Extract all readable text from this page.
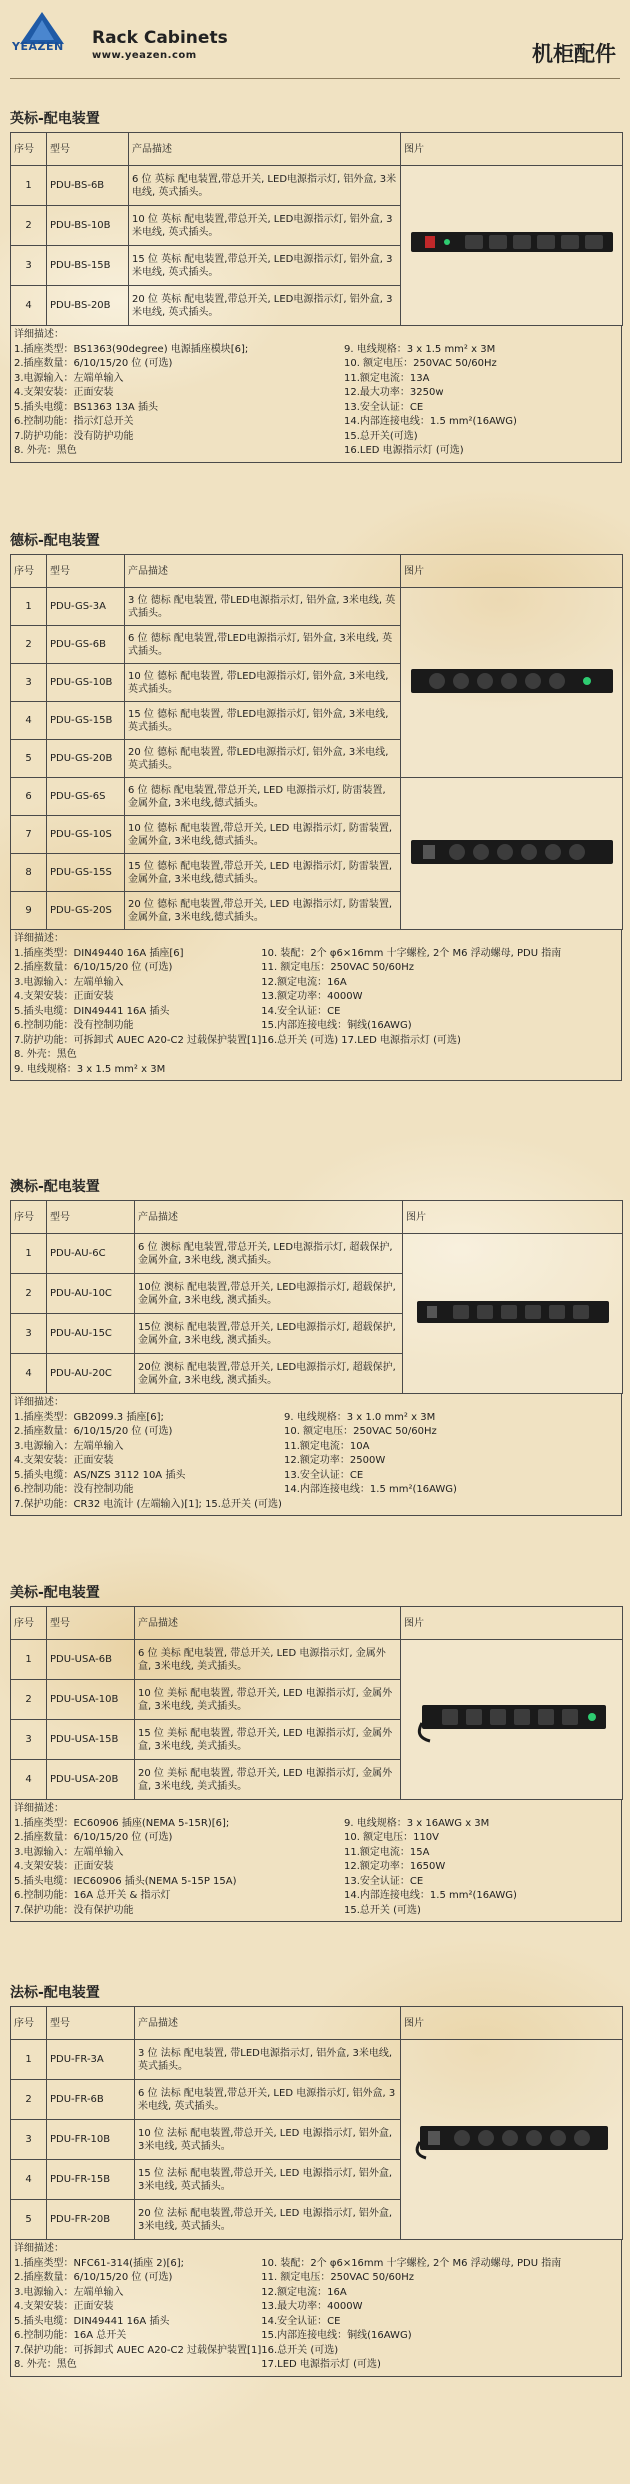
YEAZEN Rack Cabinets
www.yeazen.com	机柜配件
英标-配电装置
序号	型号	产品描述	图片
1	PDU-BS-6B	6 位 英标 配电装置,带总开关, LED电源指示灯, 铝外盒, 3米电线, 英式插头。	
2	PDU-BS-10B	10 位 英标 配电装置,带总开关, LED电源指示灯, 铝外盒, 3米电线, 英式插头。	
3	PDU-BS-15B	15 位 英标 配电装置,带总开关, LED电源指示灯, 铝外盒, 3米电线, 英式插头。	
4	PDU-BS-20B	20 位 英标 配电装置,带总开关, LED电源指示灯, 铝外盒, 3米电线, 英式插头。	
详细描述：
1.插座类型：BS1363(90degree) 电源插座模块[6];
2.插座数量：6/10/15/20 位 (可选)
3.电源输入：左端单输入
4.支架安装：正面安装
5.插头电缆：BS1363 13A 插头
6.控制功能：指示灯总开关
7.防护功能：没有防护功能
8. 外壳：黑色
9. 电线规格：3 x 1.5 mm² x 3M
10. 额定电压：250VAC 50/60Hz
11.额定电流：13A
12.最大功率：3250w
13.安全认证：CE
14.内部连接电线：1.5 mm²(16AWG)
15.总开关(可选)
16.LED 电源指示灯 (可选)
德标-配电装置
序号	型号	产品描述	图片
1	PDU-GS-3A	3 位 德标 配电装置, 带LED电源指示灯, 铝外盒, 3米电线, 英式插头。	
2	PDU-GS-6B	6 位 德标 配电装置,带LED电源指示灯, 铝外盒, 3米电线, 英式插头。	
3	PDU-GS-10B	10 位 德标 配电装置, 带LED电源指示灯, 铝外盒, 3米电线, 英式插头。	
4	PDU-GS-15B	15 位 德标 配电装置, 带LED电源指示灯, 铝外盒, 3米电线, 英式插头。	
5	PDU-GS-20B	20 位 德标 配电装置, 带LED电源指示灯, 铝外盒, 3米电线, 英式插头。	
6	PDU-GS-6S	6 位 德标 配电装置,带总开关, LED 电源指示灯, 防雷装置, 金属外盒, 3米电线,德式插头。	
7	PDU-GS-10S	10 位 德标 配电装置,带总开关, LED 电源指示灯, 防雷装置, 金属外盒, 3米电线,德式插头。	
8	PDU-GS-15S	15 位 德标 配电装置,带总开关, LED 电源指示灯, 防雷装置, 金属外盒, 3米电线,德式插头。	
9	PDU-GS-20S	20 位 德标 配电装置,带总开关, LED 电源指示灯, 防雷装置, 金属外盒, 3米电线,德式插头。	
详细描述：
1.插座类型：DIN49440 16A 插座[6]
2.插座数量：6/10/15/20 位 (可选)
3.电源输入：左端单输入
4.支架安装：正面安装
5.插头电缆：DIN49441 16A 插头
6.控制功能：没有控制功能
7.防护功能：可拆卸式 AUEC A20-C2 过载保护装置[1]
8. 外壳：黑色
9. 电线规格：3 x 1.5 mm² x 3M
10. 装配：2个 φ6×16mm 十字螺栓, 2个 M6 浮动螺母, PDU 指南
11. 额定电压：250VAC 50/60Hz
12.额定电流：16A
13.额定功率：4000W
14.安全认证：CE
15.内部连接电线：铜线(16AWG)
16.总开关 (可选) 17.LED 电源指示灯 (可选)
澳标-配电装置
序号	型号	产品描述	图片
1	PDU-AU-6C	6 位 澳标 配电装置,带总开关, LED电源指示灯, 超载保护, 金属外盒, 3米电线, 澳式插头。	
2	PDU-AU-10C	10位 澳标 配电装置,带总开关, LED电源指示灯, 超载保护, 金属外盒, 3米电线, 澳式插头。	
3	PDU-AU-15C	15位 澳标 配电装置,带总开关, LED电源指示灯, 超载保护, 金属外盒, 3米电线, 澳式插头。	
4	PDU-AU-20C	20位 澳标 配电装置,带总开关, LED电源指示灯, 超载保护, 金属外盒, 3米电线, 澳式插头。	
详细描述：
1.插座类型：GB2099.3 插座[6];
2.插座数量：6/10/15/20 位 (可选)
3.电源输入：左端单输入
4.支架安装：正面安装
5.插头电缆：AS/NZS 3112 10A 插头
6.控制功能：没有控制功能
9. 电线规格：3 x 1.0 mm² x 3M
10. 额定电压：250VAC 50/60Hz
11.额定电流：10A
12.额定功率：2500W
13.安全认证：CE
14.内部连接电线：1.5 mm²(16AWG)
7.保护功能：CR32 电流计 (左端输入)[1]; 15.总开关 (可选)
美标-配电装置
序号	型号	产品描述	图片
1	PDU-USA-6B	6 位 美标 配电装置, 带总开关, LED 电源指示灯, 金属外盒, 3米电线, 美式插头。	
2	PDU-USA-10B	10 位 美标 配电装置, 带总开关, LED 电源指示灯, 金属外盒, 3米电线, 美式插头。	
3	PDU-USA-15B	15 位 美标 配电装置, 带总开关, LED 电源指示灯, 金属外盒, 3米电线, 美式插头。	
4	PDU-USA-20B	20 位 美标 配电装置, 带总开关, LED 电源指示灯, 金属外盒, 3米电线, 美式插头。	
详细描述：
1.插座类型：EC60906 插座(NEMA 5-15R)[6];
2.插座数量：6/10/15/20 位 (可选)
3.电源输入：左端单输入
4.支架安装：正面安装
5.插头电缆：IEC60906 插头(NEMA 5-15P 15A)
6.控制功能：16A 总开关 & 指示灯
7.保护功能：没有保护功能
9. 电线规格：3 x 16AWG x 3M
10. 额定电压：110V
11.额定电流：15A
12.额定功率：1650W
13.安全认证：CE
14.内部连接电线：1.5 mm²(16AWG)
15.总开关 (可选)
法标-配电装置
序号	型号	产品描述	图片
1	PDU-FR-3A	3 位 法标 配电装置, 带LED电源指示灯, 铝外盒, 3米电线, 英式插头。	
2	PDU-FR-6B	6 位 法标 配电装置,带总开关, LED 电源指示灯, 铝外盒, 3米电线, 英式插头。	
3	PDU-FR-10B	10 位 法标 配电装置,带总开关, LED 电源指示灯, 铝外盒, 3米电线, 英式插头。	
4	PDU-FR-15B	15 位 法标 配电装置,带总开关, LED 电源指示灯, 铝外盒, 3米电线, 英式插头。	
5	PDU-FR-20B	20 位 法标 配电装置,带总开关, LED 电源指示灯, 铝外盒, 3米电线, 英式插头。	
详细描述：
1.插座类型：NFC61-314(插座 2)[6];
2.插座数量：6/10/15/20 位 (可选)
3.电源输入：左端单输入
4.支架安装：正面安装
5.插头电缆：DIN49441 16A 插头
6.控制功能：16A 总开关
7.保护功能：可拆卸式 AUEC A20-C2 过载保护装置[1]
8. 外壳：黑色
10. 装配：2个 φ6×16mm 十字螺栓, 2个 M6 浮动螺母, PDU 指南
11. 额定电压：250VAC 50/60Hz
12.额定电流：16A
13.最大功率：4000W
14.安全认证：CE
15.内部连接电线：铜线(16AWG)
16.总开关 (可选)
17.LED 电源指示灯 (可选)
